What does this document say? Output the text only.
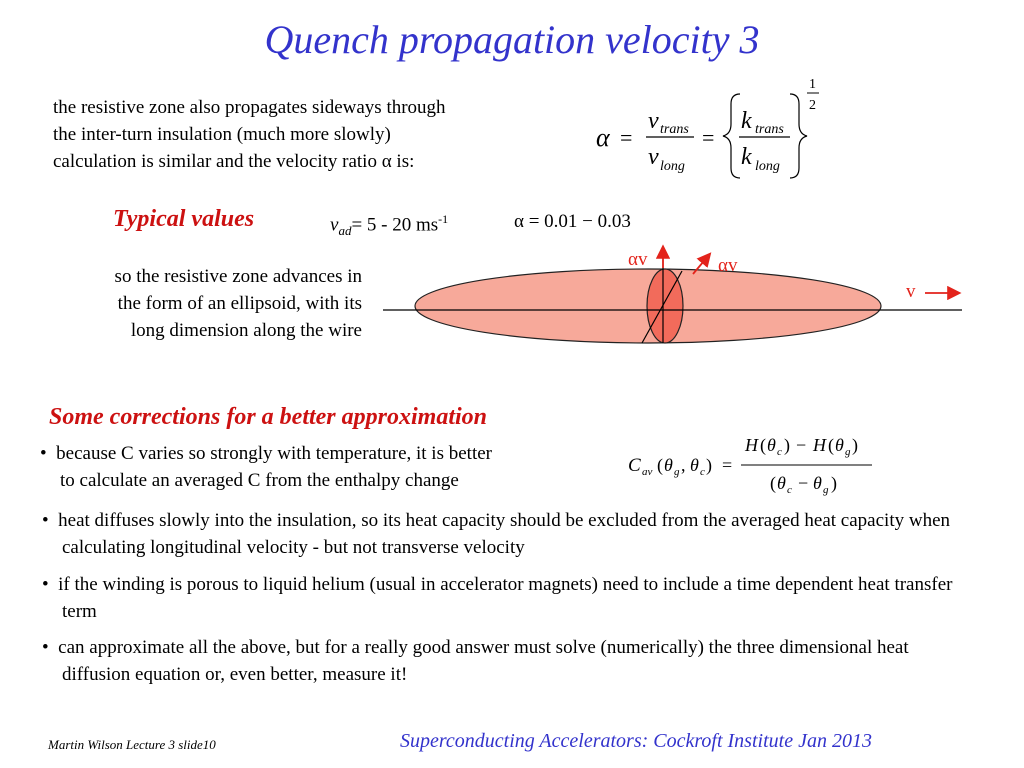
Quench propagation velocity 3
the resistive zone also propagates sideways through
the inter-turn insulation (much more slowly)
calculation is similar and the velocity ratio α is:
α =
v trans
v long
=
k trans
k long
1
2
Typical values	$v_{ad}= 5 - 20$ $ms^{-1}$	α = 0.01 − 0.03
so the resistive zone advances in
the form of an ellipsoid, with its
long dimension along the wire
αv	αv
v
Some corrections for a better approximation
• because C varies so strongly with temperature, it is better
to calculate an averaged C from the enthalpy change
C av ( θ g , θ c ) =
H ( θ c ) − H ( θ g )
( θ c − θ g )
• heat diffuses slowly into the insulation, so its heat capacity should be excluded from the averaged heat capacity when calculating longitudinal velocity - but not transverse velocity
• if the winding is porous to liquid helium (usual in accelerator magnets) need to include a time dependent heat transfer term
• can approximate all the above, but for a really good answer must solve (numerically) the three dimensional heat diffusion equation or, even better, measure it!
Martin Wilson Lecture 3 slide10	Superconducting Accelerators: Cockroft Institute Jan 2013
